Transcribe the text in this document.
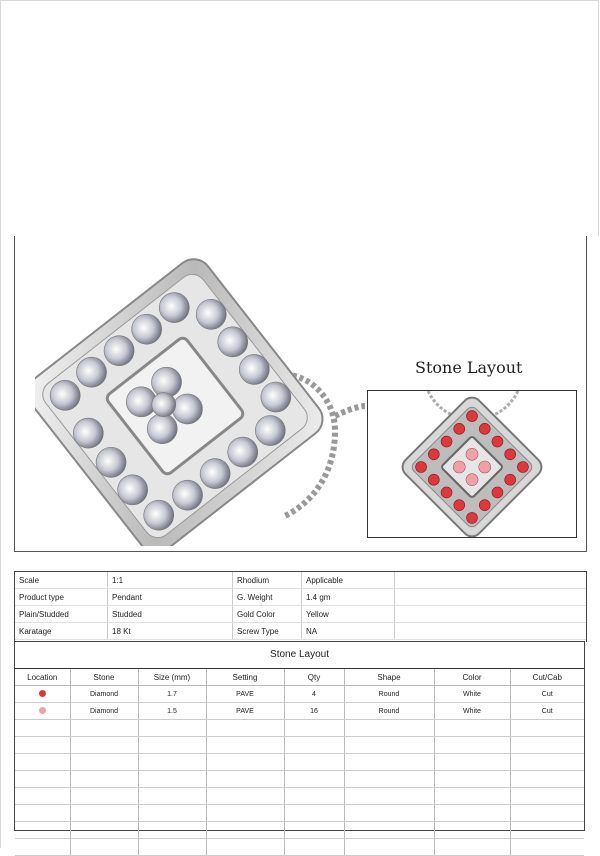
Stone Layout
Scale	1:1	Rhodium	Applicable	
Product type	Pendant	G. Weight	1.4 gm	
Plain/Studded	Studded	Gold Color	Yellow	
Karatage	18 Kt	Screw Type	NA	
Stone Layout
Location	Stone	Size (mm)	Setting	Qty	Shape	Color	Cut/Cab
	Diamond	1.7	PAVE	4	Round	White	Cut
	Diamond	1.5	PAVE	16	Round	White	Cut
